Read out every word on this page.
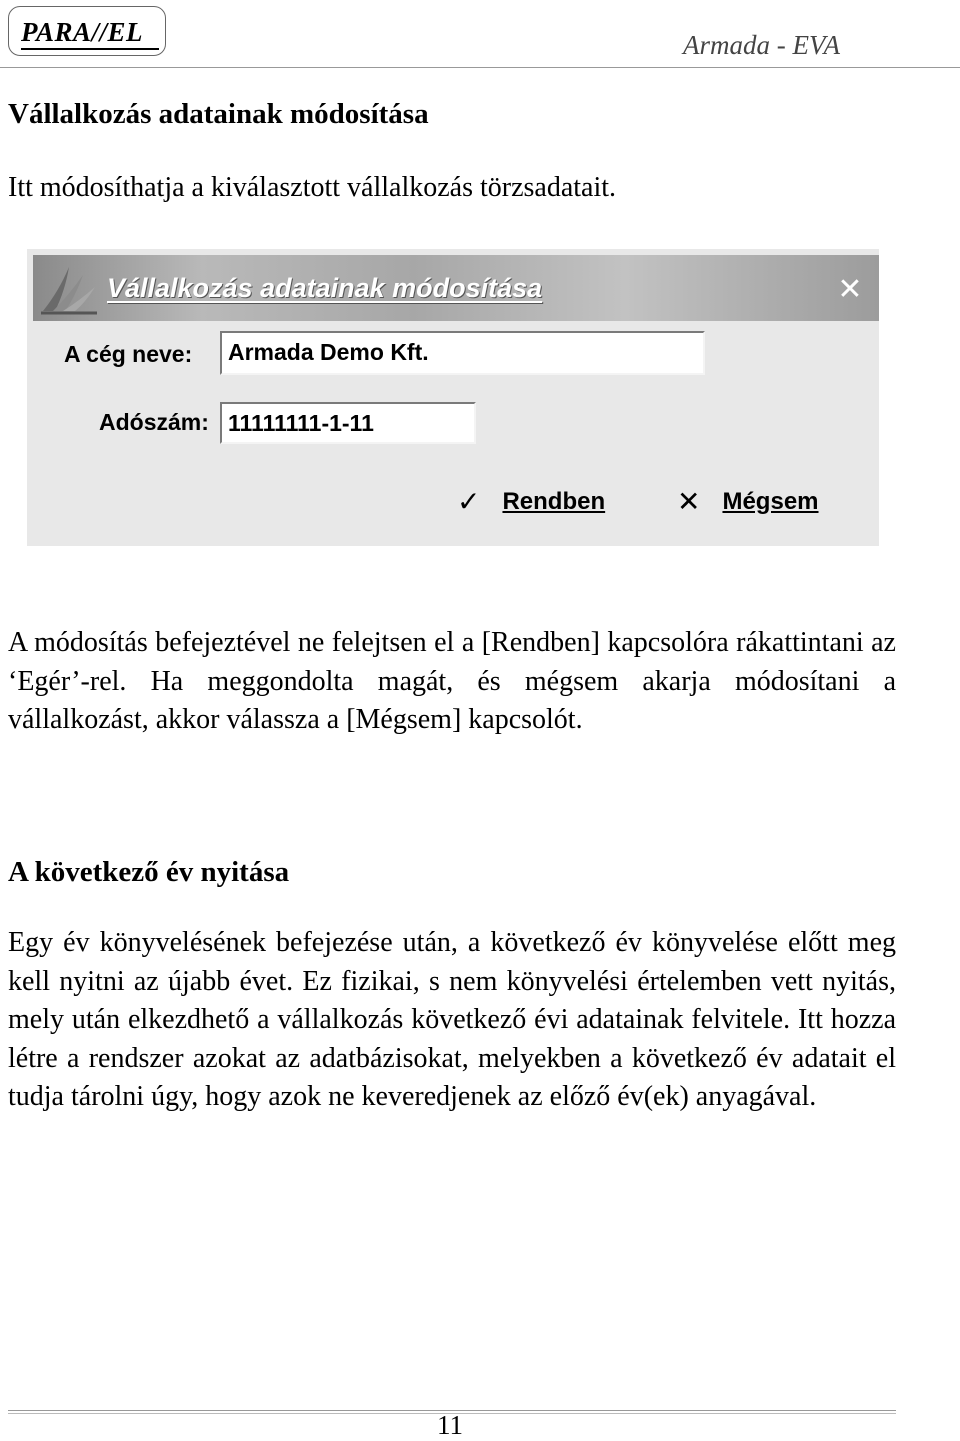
PARA//EL	Armada - EVA
Vállalkozás adatainak módosítása

Itt módosíthatja a kiválasztott vállalkozás törzsadatait.

Vállalkozás adatainak módosítása	✕
A cég neve:	Armada Demo Kft.
Adószám: 11111111-1-11
✓ Rendben	✕ Mégsem

A módosítás befejeztével ne felejtsen el a [Rendben] kapcsolóra rákattintani az ‘Egér’-rel. Ha meggondolta magát, és mégsem akarja módosítani a vállalkozást, akkor válassza a [Mégsem] kapcsolót.

A következő év nyitása

Egy év könyvelésének befejezése után, a következő év könyvelése előtt meg kell nyitni az újabb évet. Ez fizikai, s nem könyvelési értelemben vett nyitás, mely után elkezdhető a vállalkozás következő évi adatainak felvitele. Itt hozza létre a rendszer azokat az adatbázisokat, melyekben a következő év adatait el tudja tárolni úgy, hogy azok ne keveredjenek az előző év(ek) anyagával.

11
